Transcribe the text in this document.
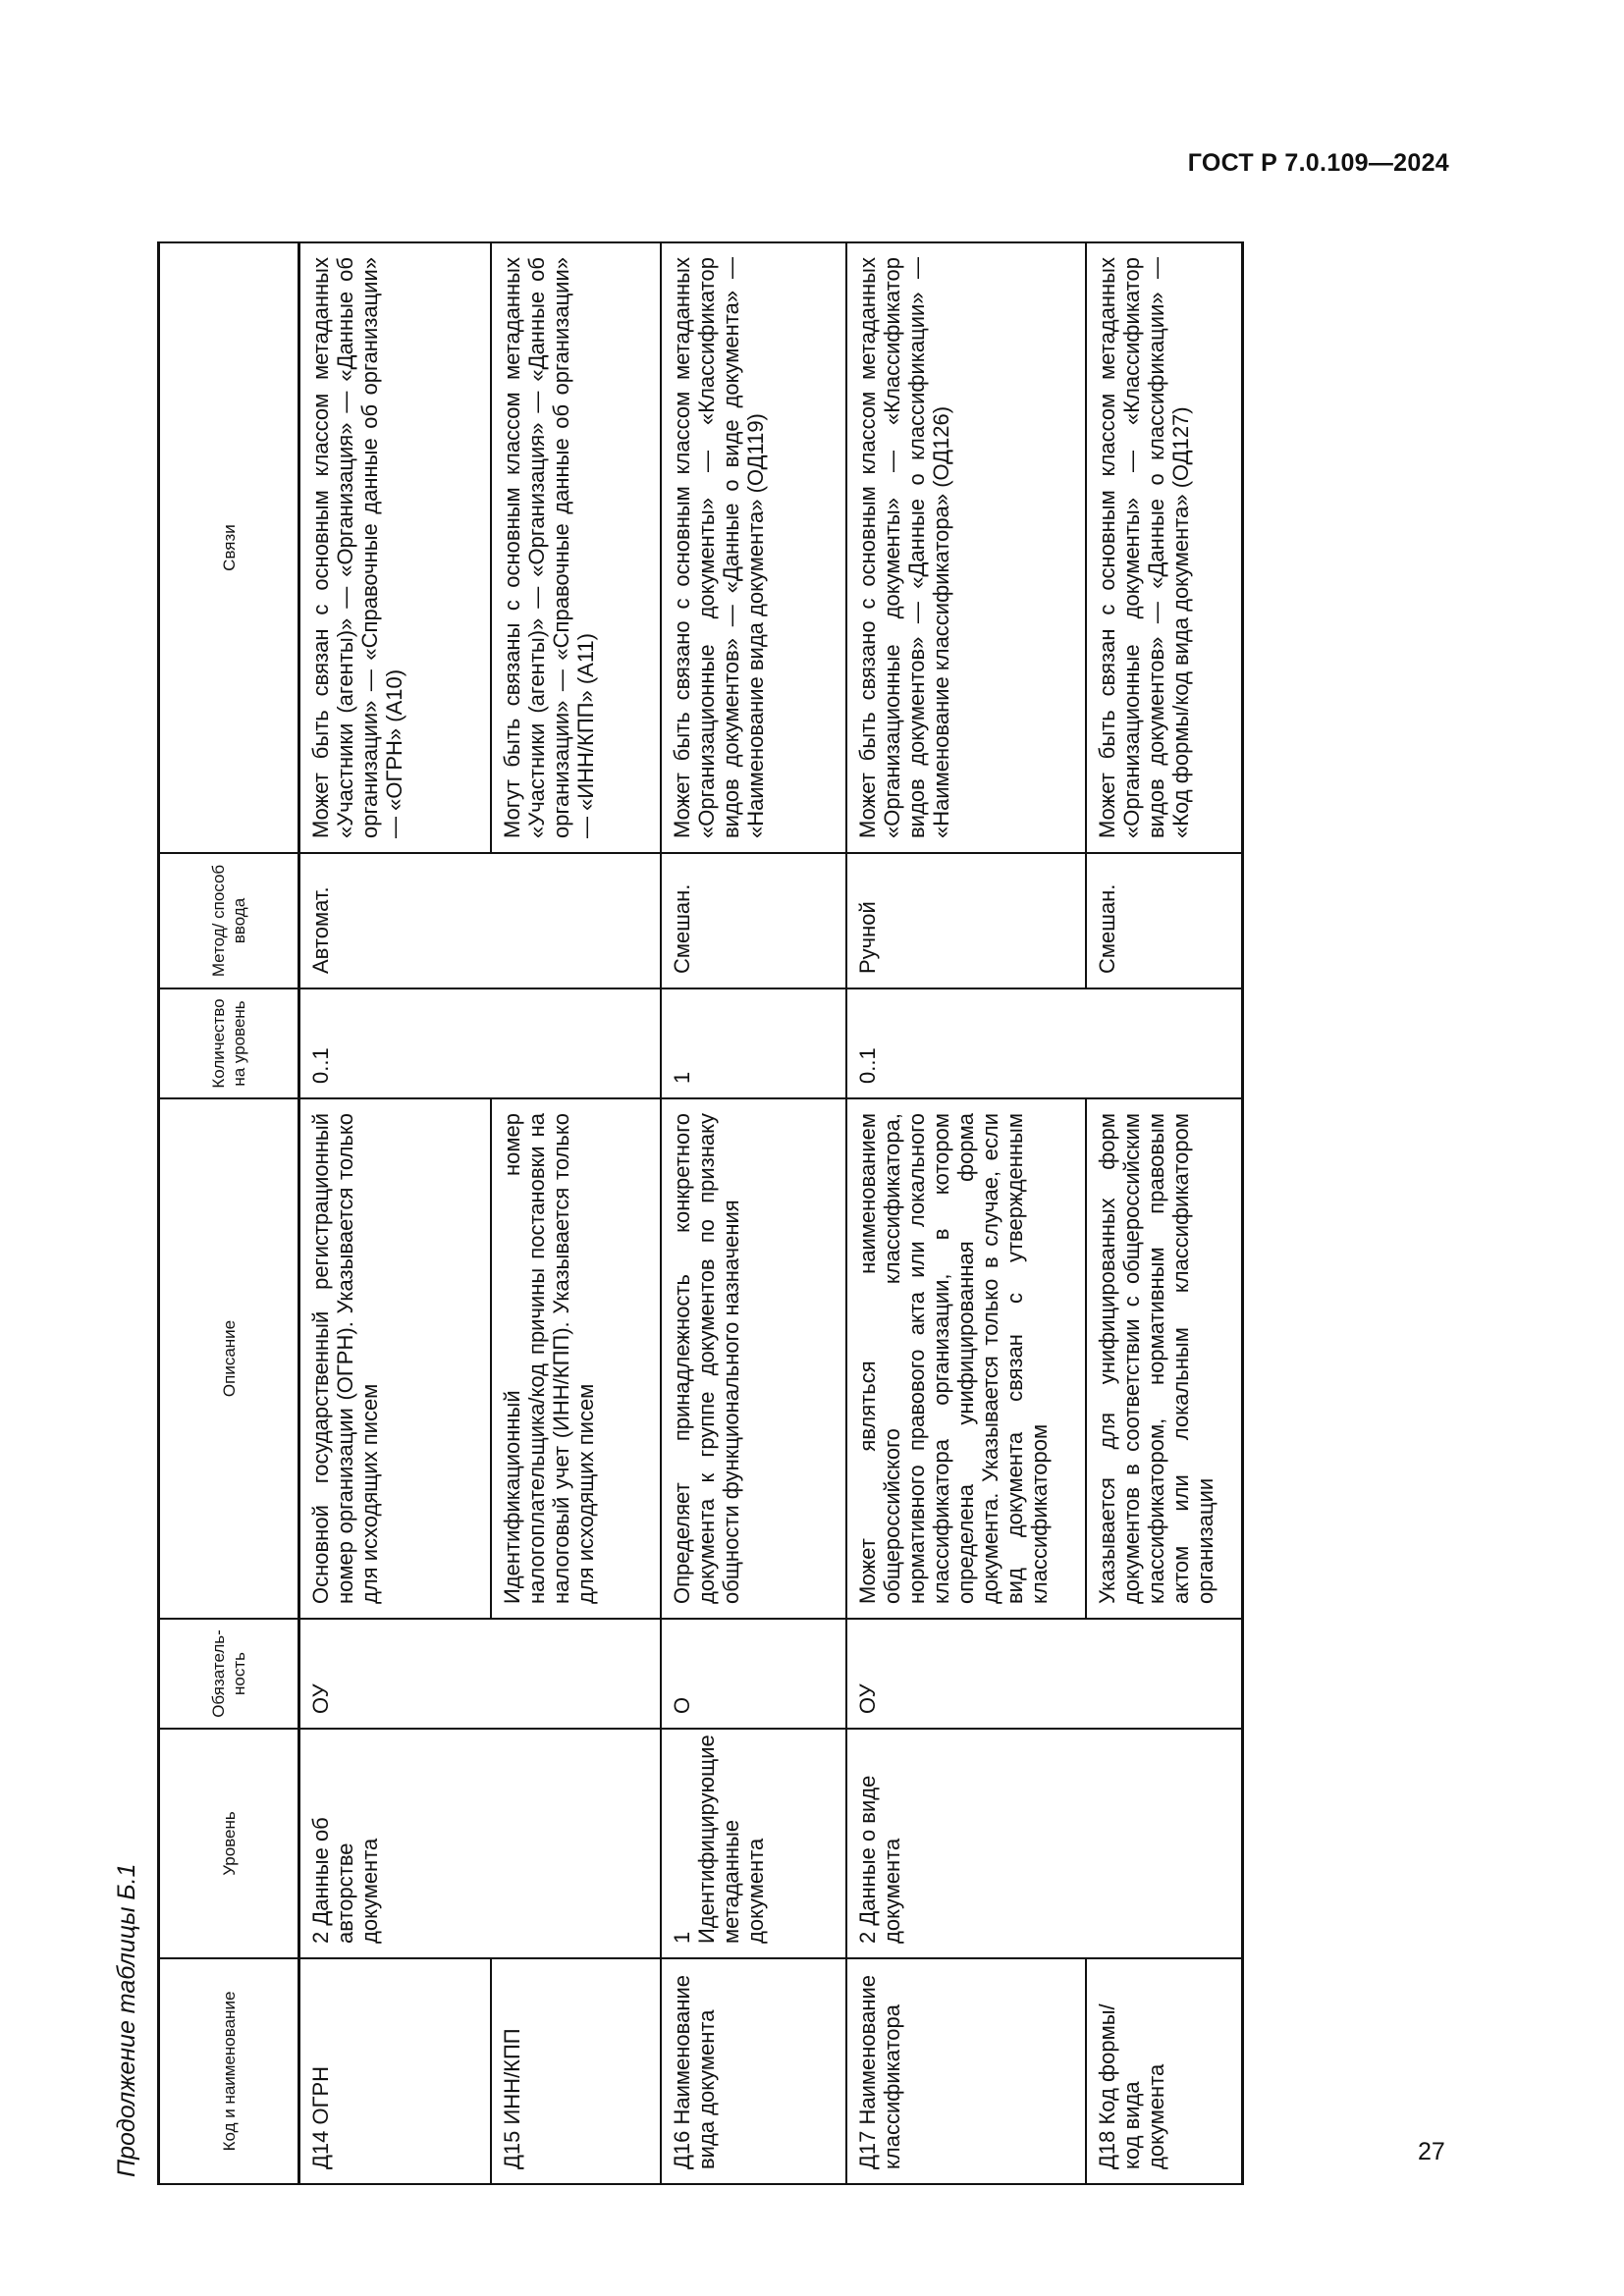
ГОСТ Р 7.0.109—2024
Продолжение таблицы Б.1	Код и наименование	Уровень	Обязатель-ность	Описание	Количество на уровень	Метод/ способ ввода	Связи
Д14 ОГРН	2 Данные об авторстве документа	ОУ	Основной государственный регистрационный номер организации (ОГРН). Указывается только для исходящих писем	0..1	Автомат.	Может быть связан с основным классом метаданных «Участники (агенты)» — «Организация» — «Данные об организации» — «Справочные данные об организации» — «ОГРН» (А10)
Д15 ИНН/КПП			Идентификационный номер налогоплательщика/код причины постановки на налоговый учет (ИНН/КПП). Указывается только для исходящих писем			Могут быть связаны с основным классом метаданных «Участники (агенты)» — «Организация» — «Данные об организации» — «Справочные данные об организации» — «ИНН/КПП» (А11)
Д16 Наименование вида документа	1 Идентифицирующие метаданные документа	О	Определяет принадлежность конкретного документа к группе документов по признаку общности функционального назначения	1	Смешан.	Может быть связано с основным классом метаданных «Организационные документы» — «Классификатор видов документов» — «Данные о виде документа» — «Наименование вида документа» (ОД119)
Д17 Наименование классификатора	2 Данные о виде документа	ОУ	Может являться наименованием общероссийского классификатора, нормативного правового акта или локального классификатора организации, в котором определена унифицированная форма документа. Указывается только в случае, если вид документа связан с утвержденным классификатором	0..1	Ручной	Может быть связано с основным классом метаданных «Организационные документы» — «Классификатор видов документов» — «Данные о классификации» — «Наименование классификатора» (ОД126)
Д18 Код формы/код вида документа			Указывается для унифицированных форм документов в соответствии с общероссийским классификатором, нормативным правовым актом или локальным классификатором организации		Смешан.	Может быть связан с основным классом метаданных «Организационные документы» — «Классификатор видов документов» — «Данные о классификации» — «Код формы/код вида документа» (ОД127)
27
